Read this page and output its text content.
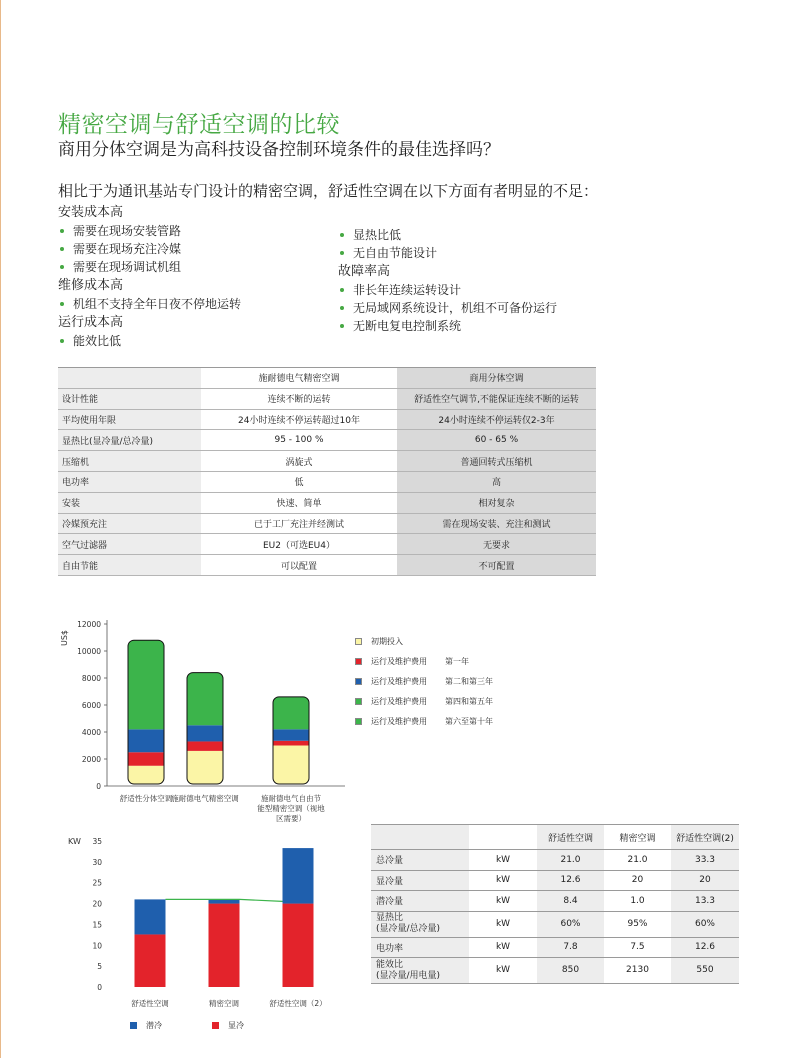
精密空调与舒适空调的比较
商用分体空调是为高科技设备控制环境条件的最佳选择吗？
相比于为通讯基站专门设计的精密空调，舒适性空调在以下方面有者明显的不足：
安装成本高
需要在现场安装管路
需要在现场充注冷媒
需要在现场调试机组
维修成本高
机组不支持全年日夜不停地运转
运行成本高
能效比低
显热比低
无自由节能设计
故障率高
非长年连续运转设计
无局域网系统设计，机组不可备份运行
无断电复电控制系统
	施耐德电气精密空调	商用分体空调
设计性能	连续不断的运转	舒适性空气调节,不能保证连续不断的运转
平均使用年限	24小时连续不停运转超过10年	24小时连续不停运转仅2-3年
显热比(显冷量/总冷量)	95 - 100 %	60 - 65 %
压缩机	涡旋式	普通回转式压缩机
电功率	低	高
安装	快速、简单	相对复杂
冷媒预充注	已于工厂充注并经测试	需在现场安装、充注和测试
空气过滤器	EU2（可选EU4）	无要求
自由节能	可以配置	不可配置
US$
0
2000
4000
6000
8000
10000
12000
舒适性分体空调 施耐德电气精密空调	施耐德电气自由节能型精密空调（视地区需要）
初期投入
运行及维护费用	第一年
运行及维护费用	第二和第三年
运行及维护费用	第四和第五年
运行及维护费用	第六至第十年
KW
0
5
10
15
20
25
30
35
舒适性空调	精密空调	舒适性空调（2）
潜冷	显冷
		舒适性空调	精密空调	舒适性空调(2)
总冷量	kW	21.0	21.0	33.3
显冷量	kW	12.6	20	20
潜冷量	kW	8.4	1.0	13.3
显热比
(显冷量/总冷量)	kW	60%	95%	60%
电功率	kW	7.8	7.5	12.6
能效比
(显冷量/用电量)	kW	850	2130	550
